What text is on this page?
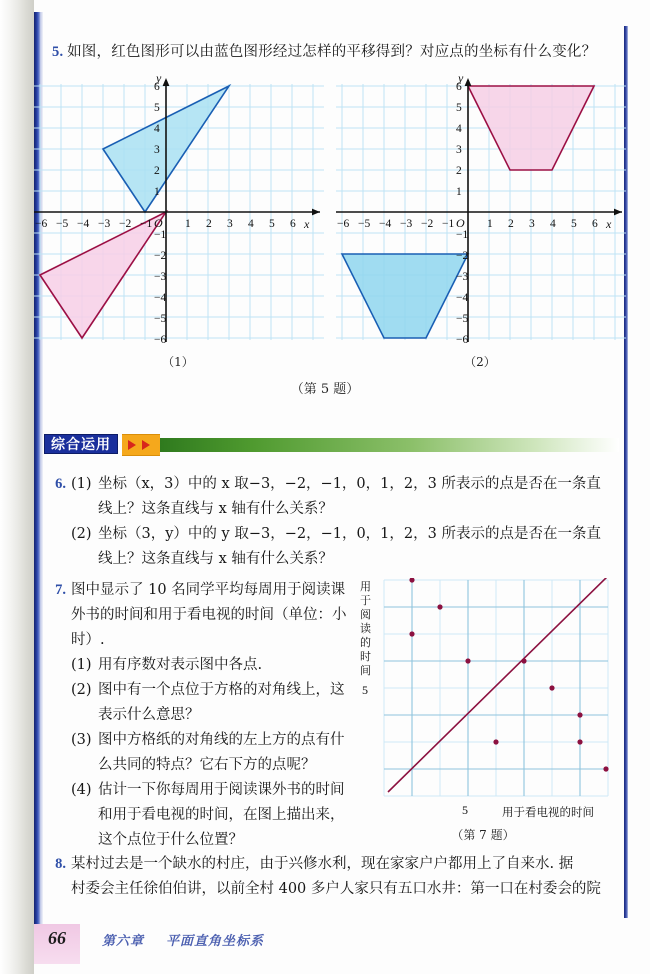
5. 如图，红色图形可以由蓝色图形经过怎样的平移得到？对应点的坐标有什么变化？
−6 −5 −4 −3 −2 −1	1 2 3 4 5 6
6
5
4
3
2
1
−1
−2
−3
−4
−5
−6
O	x
y
（1）
−6 −5 −4 −3 −2 −1	1 2 3 4 5 6
6
5
4
3
2
1
−1
−2
−3
−4
−5
−6
O	x
y
（2）
（第 5 题）
综合运用
6. (1) 坐标（x，3）中的 x 取−3，−2，−1，0，1，2，3 所表示的点是否在一条直
线上？这条直线与 x 轴有什么关系？
(2) 坐标（3，y）中的 y 取−3，−2，−1，0，1，2，3 所表示的点是否在一条直
线上？这条直线与 x 轴有什么关系？
7. 图中显示了 10 名同学平均每周用于阅读课
外书的时间和用于看电视的时间（单位：小
时）.
(1) 用有序数对表示图中各点.
(2) 图中有一个点位于方格的对角线上，这
表示什么意思？
(3) 图中方格纸的对角线的左上方的点有什
么共同的特点？它右下方的点呢？
(4) 估计一下你每周用于阅读课外书的时间
和用于看电视的时间，在图上描出来，
这个点位于什么位置？
用
于
阅
读
的
时
间
5
5	用于看电视的时间
（第 7 题）
8. 某村过去是一个缺水的村庄，由于兴修水利，现在家家户户都用上了自来水. 据
村委会主任徐伯伯讲，以前全村 400 多户人家只有五口水井：第一口在村委会的院
66	第六章 平面直角坐标系
